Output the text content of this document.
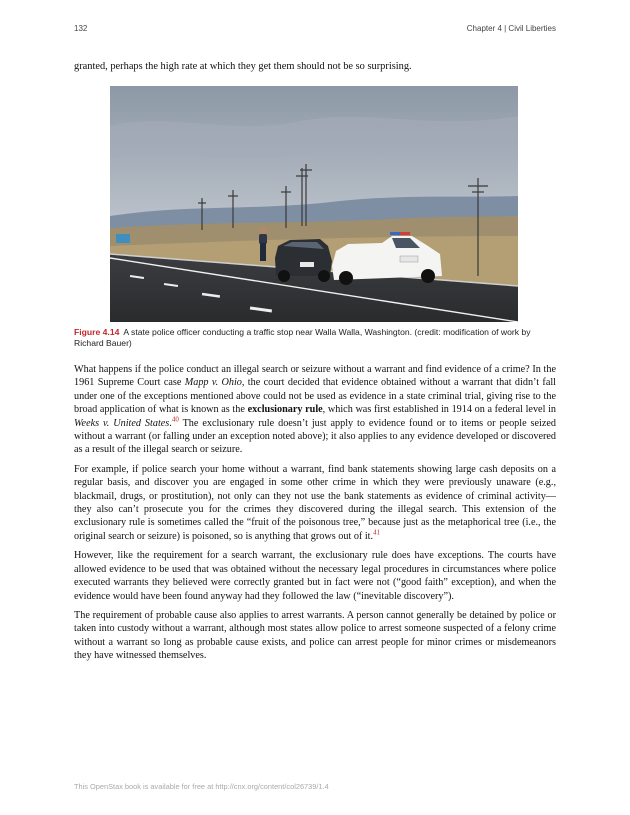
132	Chapter 4 | Civil Liberties
granted, perhaps the high rate at which they get them should not be so surprising.
Figure 4.14 A state police officer conducting a traffic stop near Walla Walla, Washington. (credit: modification of work by Richard Bauer)

What happens if the police conduct an illegal search or seizure without a warrant and find evidence of a crime? In the 1961 Supreme Court case Mapp v. Ohio, the court decided that evidence obtained without a warrant that didn’t fall under one of the exceptions mentioned above could not be used as evidence in a state criminal trial, giving rise to the broad application of what is known as the exclusionary rule, which was first established in 1914 on a federal level in Weeks v. United States.$^{40}$ The exclusionary rule doesn’t just apply to evidence found or to items or people seized without a warrant (or falling under an exception noted above); it also applies to any evidence developed or discovered as a result of the illegal search or seizure.

For example, if police search your home without a warrant, find bank statements showing large cash deposits on a regular basis, and discover you are engaged in some other crime in which they were previously unaware (e.g., blackmail, drugs, or prostitution), not only can they not use the bank statements as evidence of criminal activity—they also can’t prosecute you for the crimes they discovered during the illegal search. This extension of the exclusionary rule is sometimes called the “fruit of the poisonous tree,” because just as the metaphorical tree (i.e., the original search or seizure) is poisoned, so is anything that grows out of it.$^{41}$

However, like the requirement for a search warrant, the exclusionary rule does have exceptions. The courts have allowed evidence to be used that was obtained without the necessary legal procedures in circumstances where police executed warrants they believed were correctly granted but in fact were not (“good faith” exception), and when the evidence would have been found anyway had they followed the law (“inevitable discovery”).

The requirement of probable cause also applies to arrest warrants. A person cannot generally be detained by police or taken into custody without a warrant, although most states allow police to arrest someone suspected of a felony crime without a warrant so long as probable cause exists, and police can arrest people for minor crimes or misdemeanors they have witnessed themselves.

This OpenStax book is available for free at http://cnx.org/content/col26739/1.4
